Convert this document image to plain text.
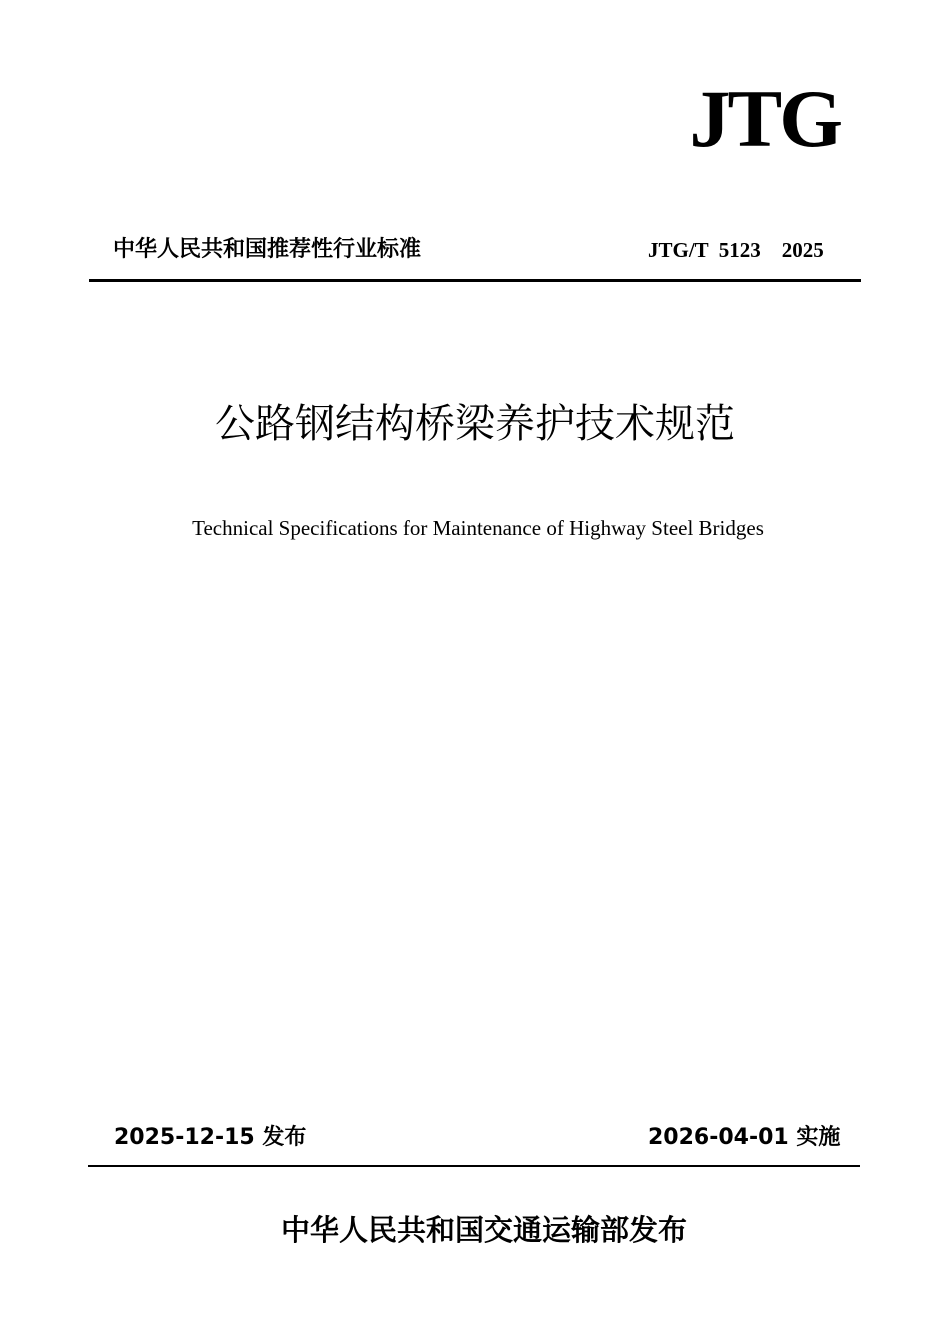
JTG
中华人民共和国推荐性行业标准	JTG/T  5123    2025
公路钢结构桥梁养护技术规范
Technical Specifications for Maintenance of Highway Steel Bridges
2025-12-15 发布	2026-04-01 实施
中华人民共和国交通运输部发布
